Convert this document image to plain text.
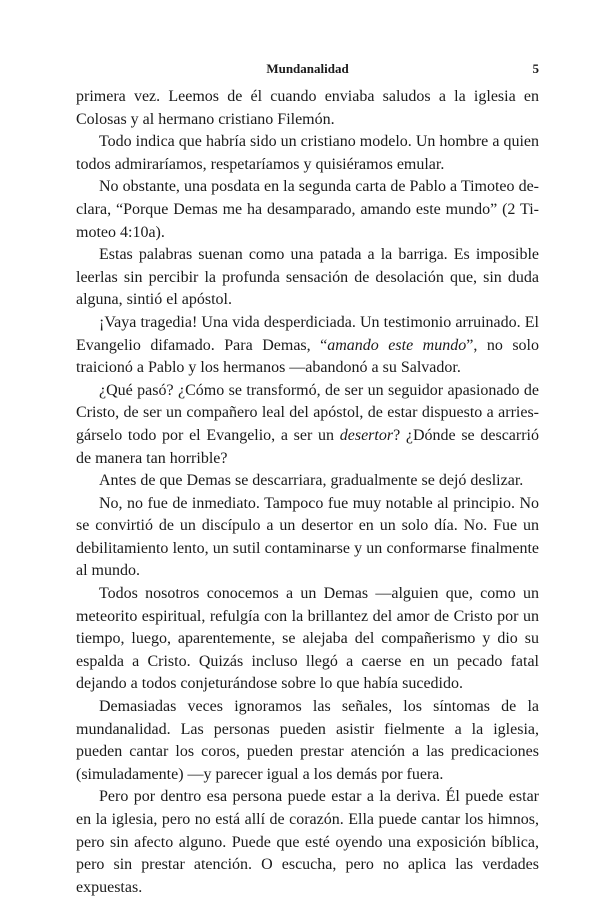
Mundanalidad	5

primera vez. Leemos de él cuando enviaba saludos a la iglesia en Colosas y al hermano cristiano Filemón.

Todo indica que habría sido un cristiano modelo. Un hombre a quien todos admiraríamos, respetaríamos y quisiéramos emular.

No obstante, una posdata en la segunda carta de Pablo a Timoteo declara, “Porque Demas me ha desamparado, amando este mundo” (2 Timoteo 4:10a).

Estas palabras suenan como una patada a la barriga. Es imposible leerlas sin percibir la profunda sensación de desolación que, sin duda alguna, sintió el apóstol.

¡Vaya tragedia! Una vida desperdiciada. Un testimonio arruinado. El Evangelio difamado. Para Demas, “amando este mundo”, no solo traicionó a Pablo y los hermanos —abandonó a su Salvador.

¿Qué pasó? ¿Cómo se transformó, de ser un seguidor apasionado de Cristo, de ser un compañero leal del apóstol, de estar dispuesto a arriesgárselo todo por el Evangelio, a ser un desertor? ¿Dónde se descarrió de manera tan horrible?

Antes de que Demas se descarriara, gradualmente se dejó deslizar.

No, no fue de inmediato. Tampoco fue muy notable al principio. No se convirtió de un discípulo a un desertor en un solo día. No. Fue un debilitamiento lento, un sutil contaminarse y un conformarse finalmente al mundo.

Todos nosotros conocemos a un Demas —alguien que, como un meteorito espiritual, refulgía con la brillantez del amor de Cristo por un tiempo, luego, aparentemente, se alejaba del compañerismo y dio su espalda a Cristo. Quizás incluso llegó a caerse en un pecado fatal dejando a todos conjeturándose sobre lo que había sucedido.

Demasiadas veces ignoramos las señales, los síntomas de la mundanalidad. Las personas pueden asistir fielmente a la iglesia, pueden cantar los coros, pueden prestar atención a las predicaciones (simuladamente) —y parecer igual a los demás por fuera.

Pero por dentro esa persona puede estar a la deriva. Él puede estar en la iglesia, pero no está allí de corazón. Ella puede cantar los himnos, pero sin afecto alguno. Puede que esté oyendo una exposición bíblica, pero sin prestar atención. O escucha, pero no aplica las verdades expuestas.
